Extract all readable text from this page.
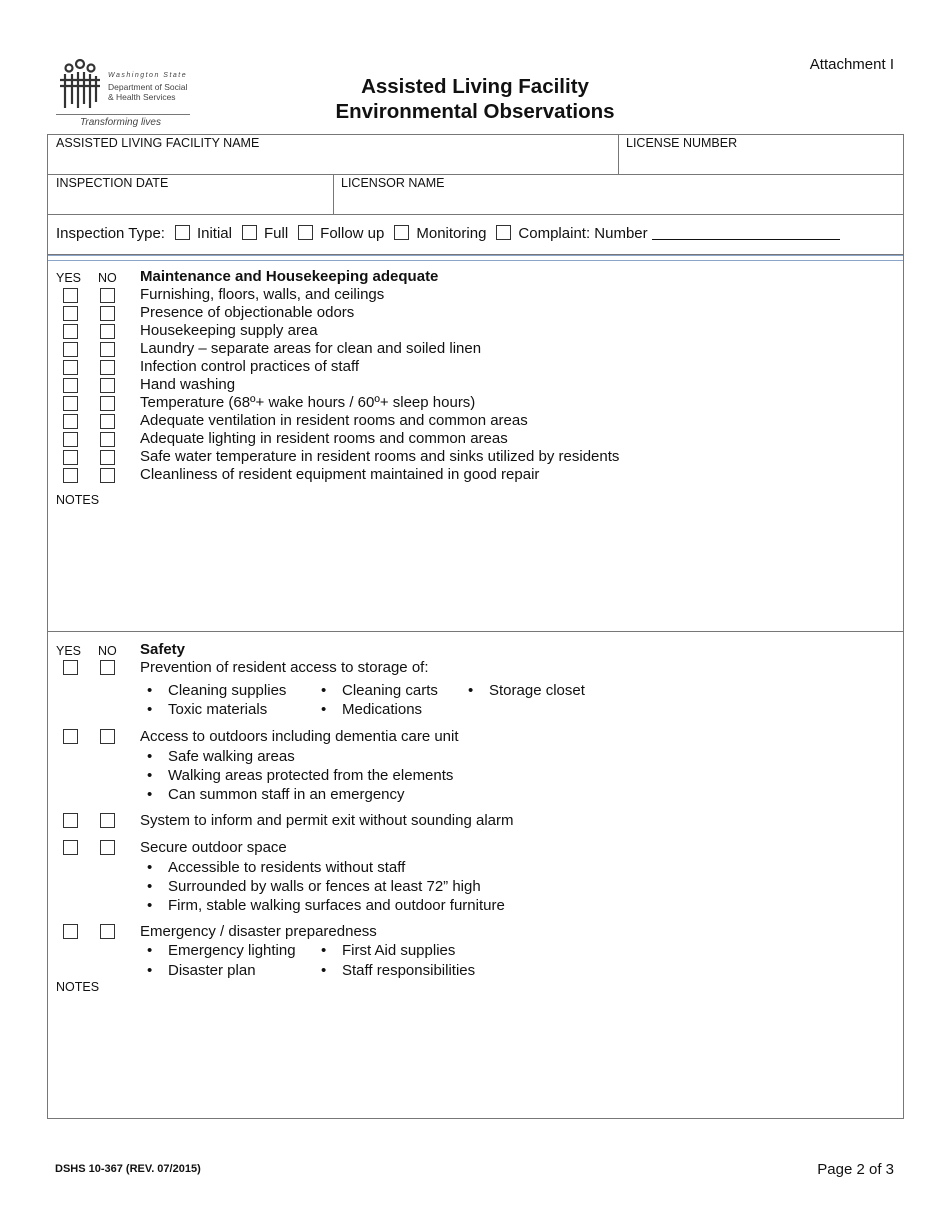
Washington State
Department of Social
& Health Services
Transforming lives
Attachment I
Assisted Living Facility
Environmental Observations
ASSISTED LIVING FACILITY NAME	LICENSE NUMBER
INSPECTION DATE	LICENSOR NAME
Inspection Type: Initial Full Follow up Monitoring Complaint: Number
YES NO Maintenance and Housekeeping adequate
Furnishing, floors, walls, and ceilings
Presence of objectionable odors
Housekeeping supply area
Laundry – separate areas for clean and soiled linen
Infection control practices of staff
Hand washing
Temperature (68º+ wake hours / 60º+ sleep hours)
Adequate ventilation in resident rooms and common areas
Adequate lighting in resident rooms and common areas
Safe water temperature in resident rooms and sinks utilized by residents
Cleanliness of resident equipment maintained in good repair
NOTES
YES NO Safety
Prevention of resident access to storage of:
• Cleaning supplies	• Cleaning carts	• Storage closet
• Toxic materials	• Medications
Access to outdoors including dementia care unit
• Safe walking areas
• Walking areas protected from the elements
• Can summon staff in an emergency
System to inform and permit exit without sounding alarm
Secure outdoor space
• Accessible to residents without staff
• Surrounded by walls or fences at least 72” high
• Firm, stable walking surfaces and outdoor furniture
Emergency / disaster preparedness
• Emergency lighting	• First Aid supplies
• Disaster plan	• Staff responsibilities
NOTES
DSHS 10-367 (REV. 07/2015)	Page 2 of 3
